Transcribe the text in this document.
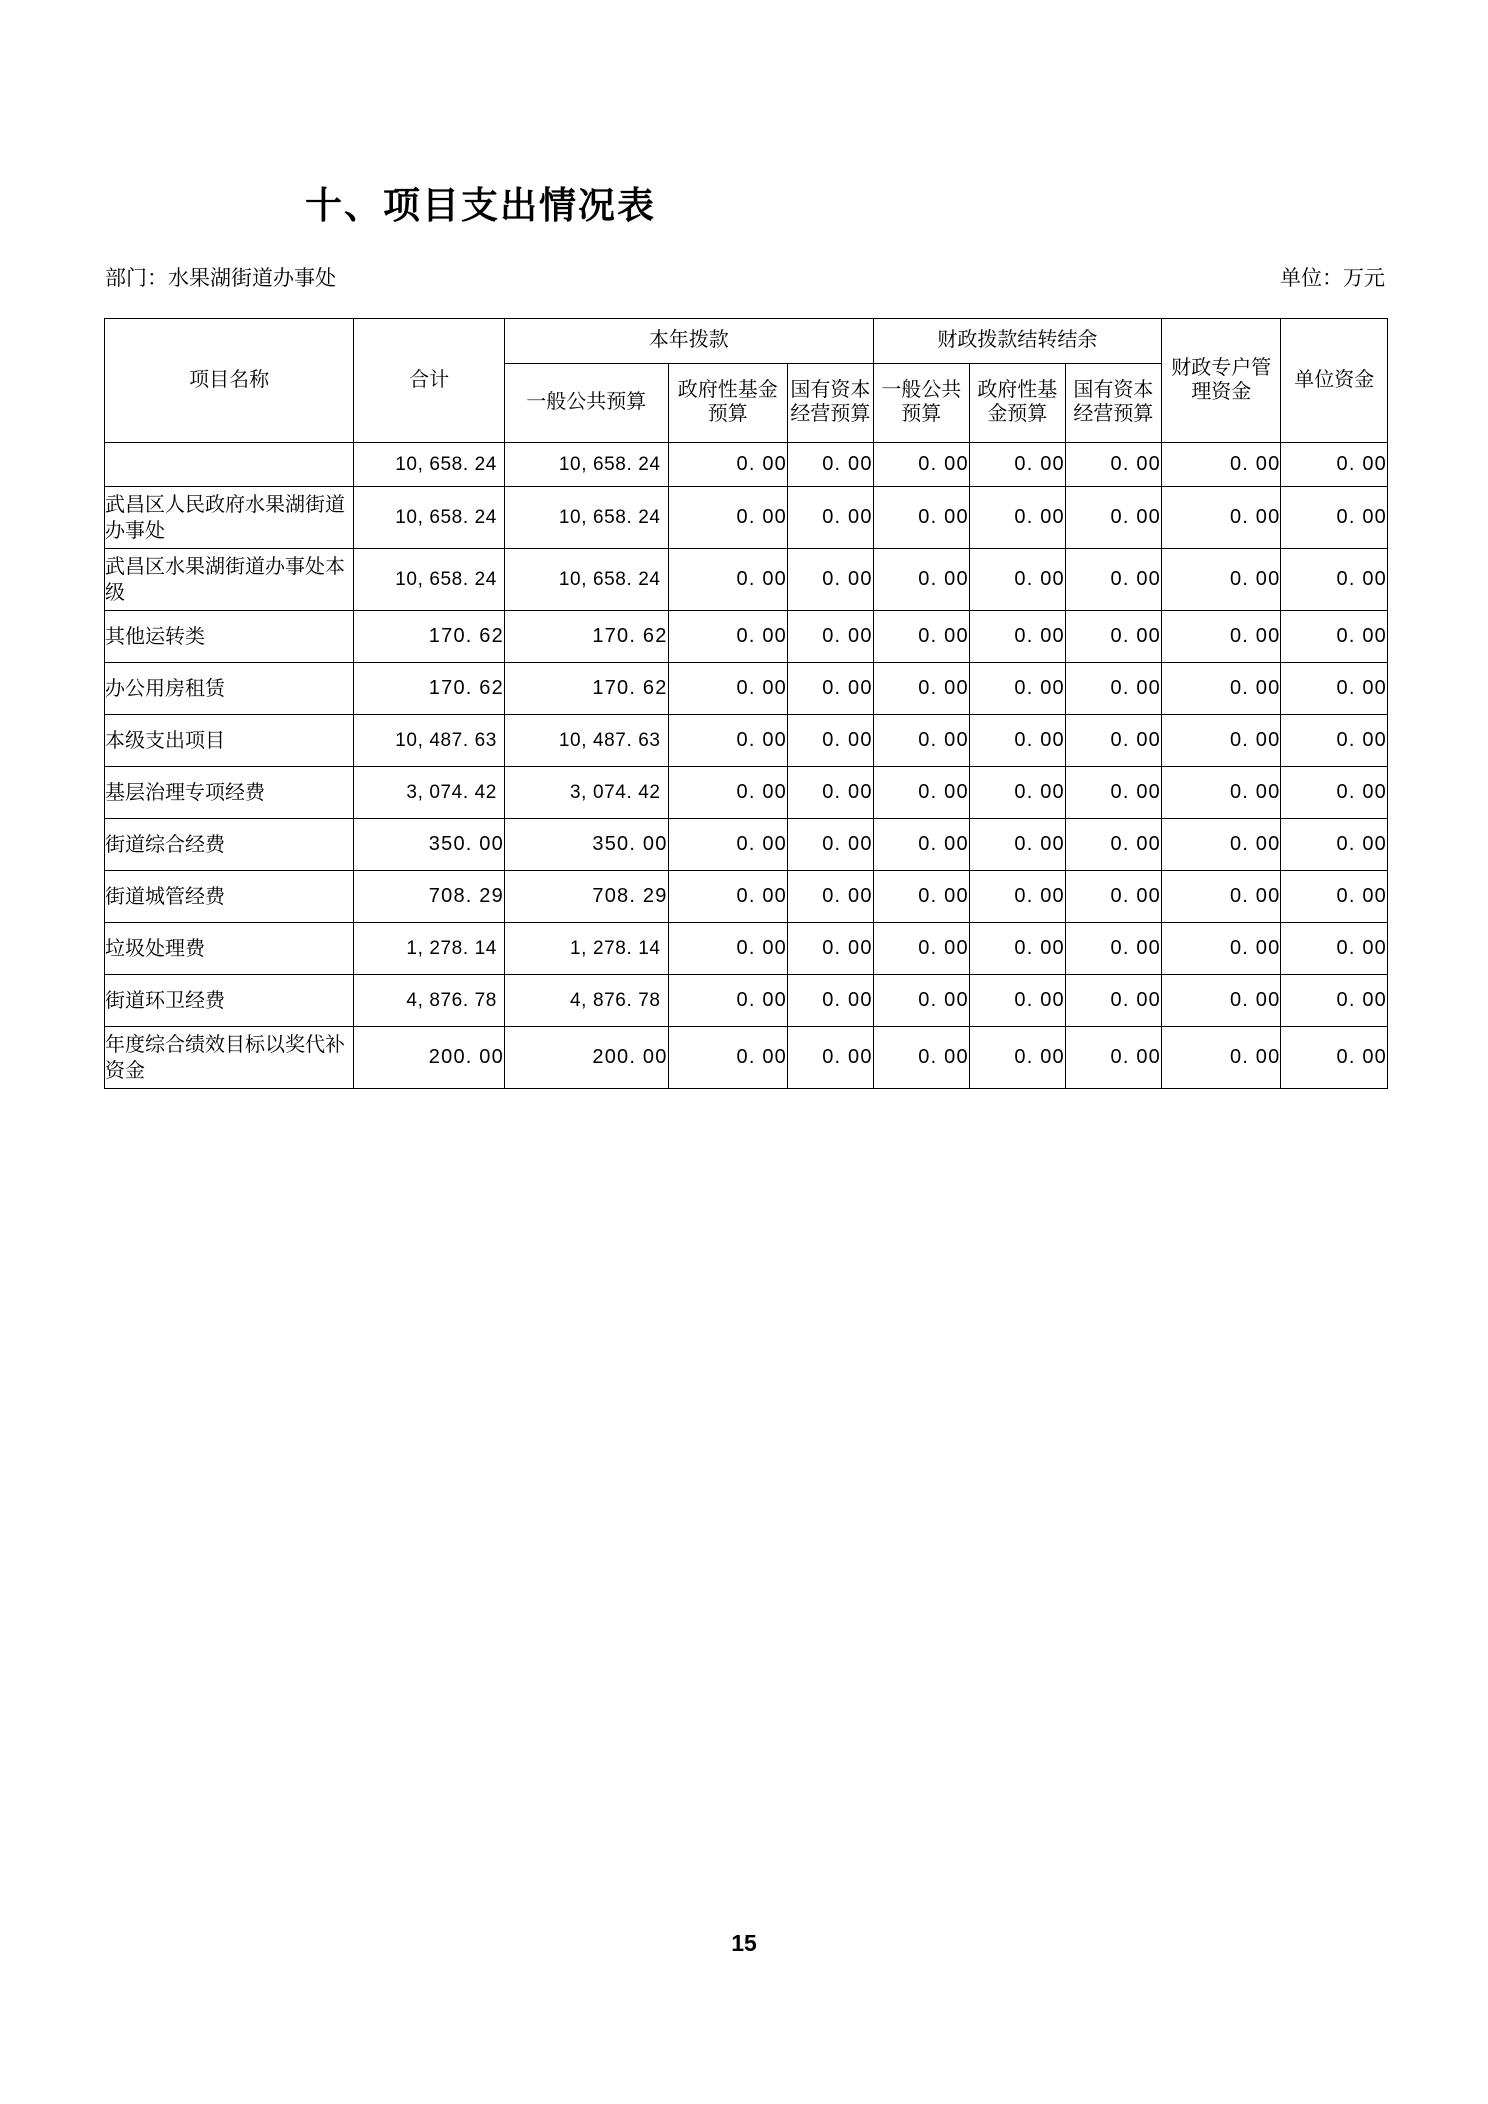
十、项目支出情况表
部门：水果湖街道办事处	单位：万元
项目名称	合计	本年拨款			财政拨款结转结余			财政专户管理资金	单位资金
		一般公共预算	政府性基金预算	国有资本经营预算	一般公共预算	政府性基金预算	国有资本经营预算		
	10, 658. 24	10, 658. 24	0. 00	0. 00	0. 00	0. 00	0. 00	0. 00	0. 00
武昌区人民政府水果湖街道办事处	10, 658. 24	10, 658. 24	0. 00	0. 00	0. 00	0. 00	0. 00	0. 00	0. 00
武昌区水果湖街道办事处本级	10, 658. 24	10, 658. 24	0. 00	0. 00	0. 00	0. 00	0. 00	0. 00	0. 00
其他运转类	170. 62	170. 62	0. 00	0. 00	0. 00	0. 00	0. 00	0. 00	0. 00
办公用房租赁	170. 62	170. 62	0. 00	0. 00	0. 00	0. 00	0. 00	0. 00	0. 00
本级支出项目	10, 487. 63	10, 487. 63	0. 00	0. 00	0. 00	0. 00	0. 00	0. 00	0. 00
基层治理专项经费	3, 074. 42	3, 074. 42	0. 00	0. 00	0. 00	0. 00	0. 00	0. 00	0. 00
街道综合经费	350. 00	350. 00	0. 00	0. 00	0. 00	0. 00	0. 00	0. 00	0. 00
街道城管经费	708. 29	708. 29	0. 00	0. 00	0. 00	0. 00	0. 00	0. 00	0. 00
垃圾处理费	1, 278. 14	1, 278. 14	0. 00	0. 00	0. 00	0. 00	0. 00	0. 00	0. 00
街道环卫经费	4, 876. 78	4, 876. 78	0. 00	0. 00	0. 00	0. 00	0. 00	0. 00	0. 00
年度综合绩效目标以奖代补资金	200. 00	200. 00	0. 00	0. 00	0. 00	0. 00	0. 00	0. 00	0. 00
15
